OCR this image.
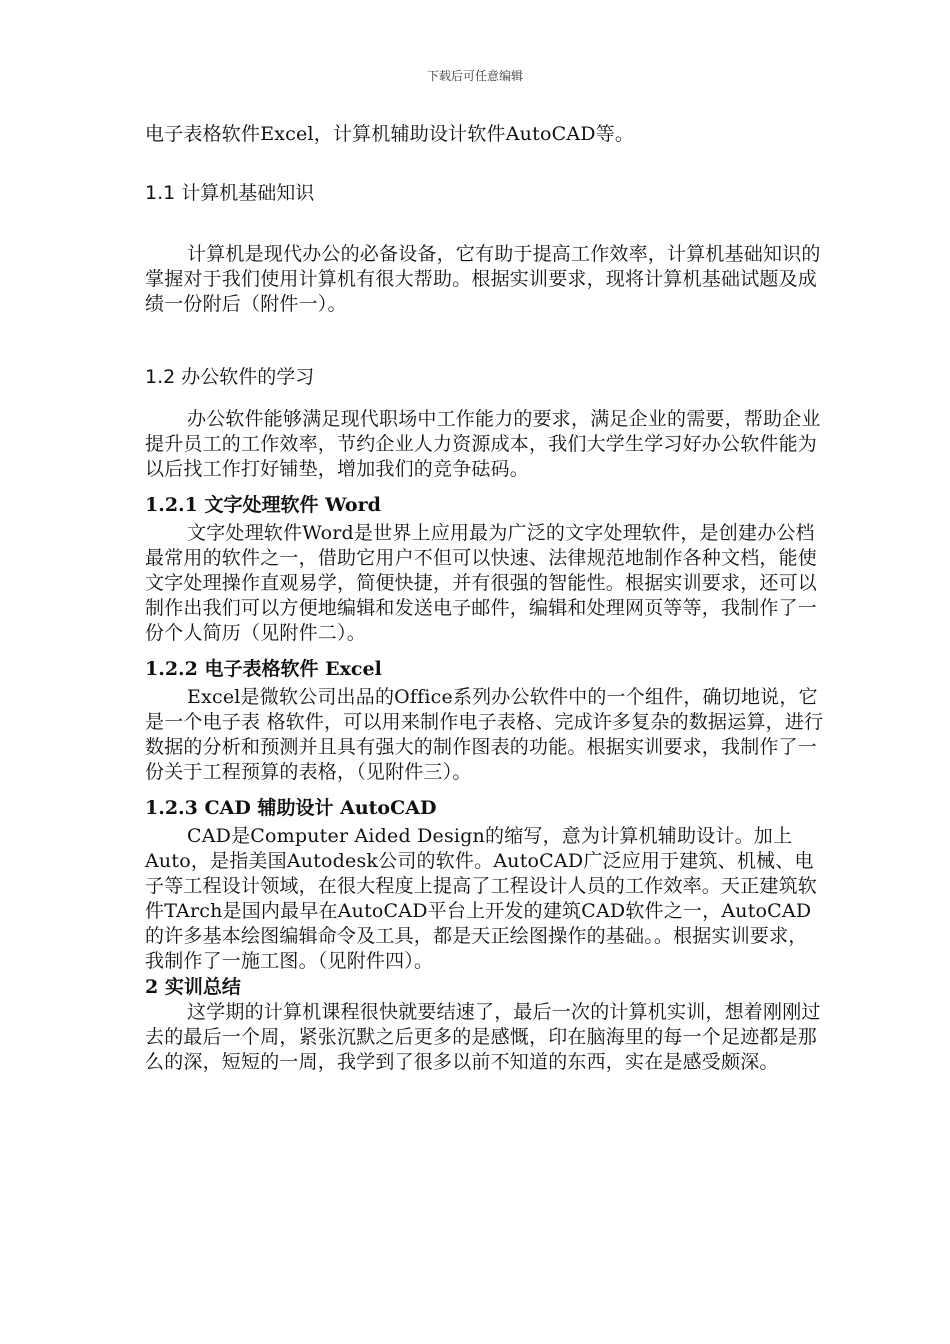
下载后可任意编辑

电子表格软件Excel，计算机辅助设计软件AutoCAD等。

1.1 计算机基础知识

计算机是现代办公的必备设备，它有助于提高工作效率，计算机基础知识的掌握对于我们使用计算机有很大帮助。根据实训要求，现将计算机基础试题及成绩一份附后（附件一）。

1.2 办公软件的学习

办公软件能够满足现代职场中工作能力的要求，满足企业的需要，帮助企业提升员工的工作效率，节约企业人力资源成本，我们大学生学习好办公软件能为以后找工作打好铺垫，增加我们的竞争砝码。

1.2.1 文字处理软件 Word

文字处理软件Word是世界上应用最为广泛的文字处理软件，是创建办公档最常用的软件之一，借助它用户不但可以快速、法律规范地制作各种文档，能使文字处理操作直观易学，简便快捷，并有很强的智能性。根据实训要求，还可以制作出我们可以方便地编辑和发送电子邮件，编辑和处理网页等等，我制作了一份个人简历（见附件二）。

1.2.2 电子表格软件 Excel

Excel是微软公司出品的Office系列办公软件中的一个组件，确切地说，它是一个电子表 格软件，可以用来制作电子表格、完成许多复杂的数据运算，进行数据的分析和预测并且具有强大的制作图表的功能。根据实训要求，我制作了一份关于工程预算的表格，（见附件三）。

1.2.3 CAD 辅助设计 AutoCAD

CAD是Computer Aided Design的缩写，意为计算机辅助设计。加上Auto，是指美国Autodesk公司的软件。AutoCAD广泛应用于建筑、机械、电子等工程设计领域，在很大程度上提高了工程设计人员的工作效率。天正建筑软件TArch是国内最早在AutoCAD平台上开发的建筑CAD软件之一，AutoCAD的许多基本绘图编辑命令及工具，都是天正绘图操作的基础。。根据实训要求，我制作了一施工图。（见附件四）。

2 实训总结

这学期的计算机课程很快就要结速了，最后一次的计算机实训，想着刚刚过去的最后一个周，紧张沉默之后更多的是感慨，印在脑海里的每一个足迹都是那么的深，短短的一周，我学到了很多以前不知道的东西，实在是感受颇深。
